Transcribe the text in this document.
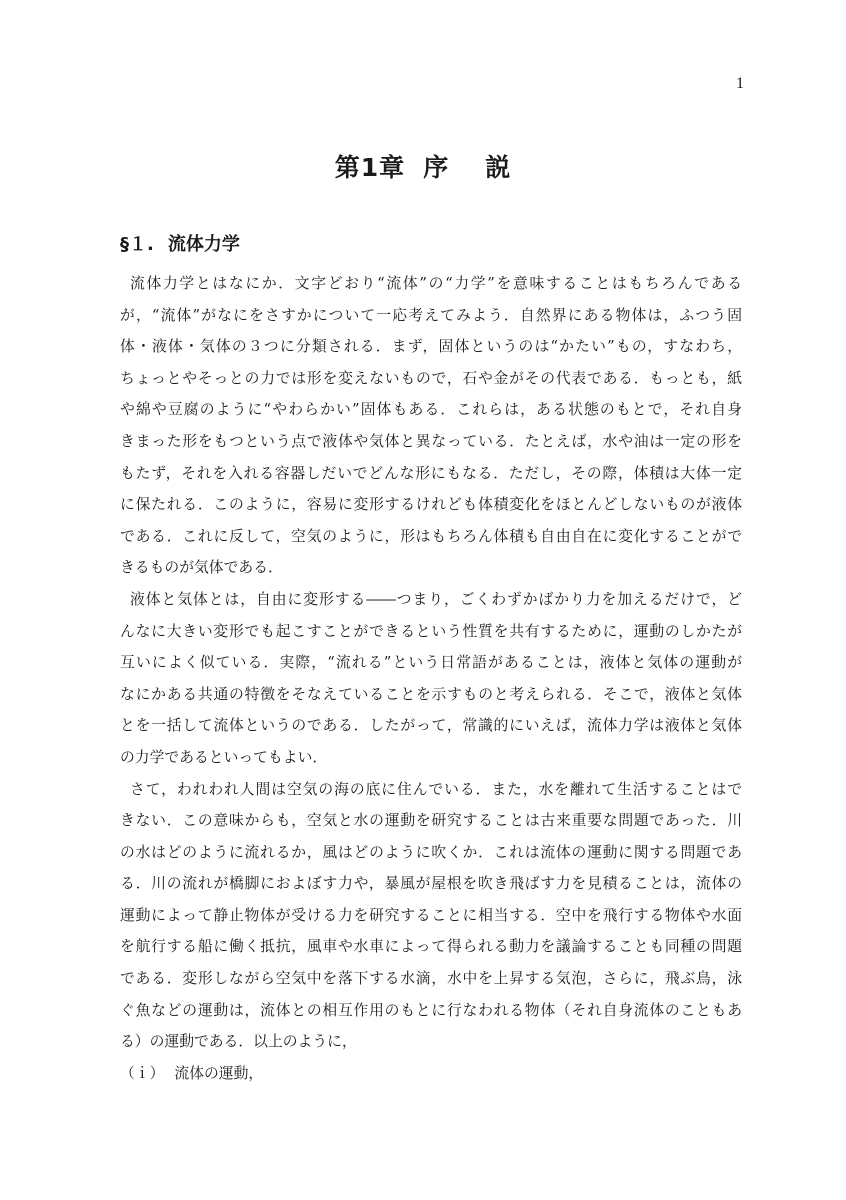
1
第1章 序 説
§１. 流体力学

流体力学とはなにか．文字どおり“流体”の“力学”を意味することはもちろんである
が，“流体”がなにをさすかについて一応考えてみよう．自然界にある物体は，ふつう固
体・液体・気体の３つに分類される．まず，固体というのは“かたい”もの，すなわち，
ちょっとやそっとの力では形を変えないもので，石や金がその代表である．もっとも，紙
や綿や豆腐のように“やわらかい”固体もある．これらは，ある状態のもとで，それ自身
きまった形をもつという点で液体や気体と異なっている．たとえば，水や油は一定の形を
もたず，それを入れる容器しだいでどんな形にもなる．ただし，その際，体積は大体一定
に保たれる．このように，容易に変形するけれども体積変化をほとんどしないものが液体
である．これに反して，空気のように，形はもちろん体積も自由自在に変化することがで
きるものが気体である．

液体と気体とは，自由に変形する――つまり，ごくわずかばかり力を加えるだけで，ど
んなに大きい変形でも起こすことができるという性質を共有するために，運動のしかたが
互いによく似ている．実際，“流れる”という日常語があることは，液体と気体の運動が
なにかある共通の特徴をそなえていることを示すものと考えられる．そこで，液体と気体
とを一括して流体というのである．したがって，常識的にいえば，流体力学は液体と気体
の力学であるといってもよい．

さて，われわれ人間は空気の海の底に住んでいる．また，水を離れて生活することはで
きない．この意味からも，空気と水の運動を研究することは古来重要な問題であった．川
の水はどのように流れるか，風はどのように吹くか．これは流体の運動に関する問題であ
る．川の流れが橋脚におよぼす力や，暴風が屋根を吹き飛ばす力を見積ることは，流体の
運動によって静止物体が受ける力を研究することに相当する．空中を飛行する物体や水面
を航行する船に働く抵抗，風車や水車によって得られる動力を議論することも同種の問題
である．変形しながら空気中を落下する水滴，水中を上昇する気泡，さらに，飛ぶ鳥，泳
ぐ魚などの運動は，流体との相互作用のもとに行なわれる物体（それ自身流体のこともあ
る）の運動である．以上のように，

（ｉ） 流体の運動，
